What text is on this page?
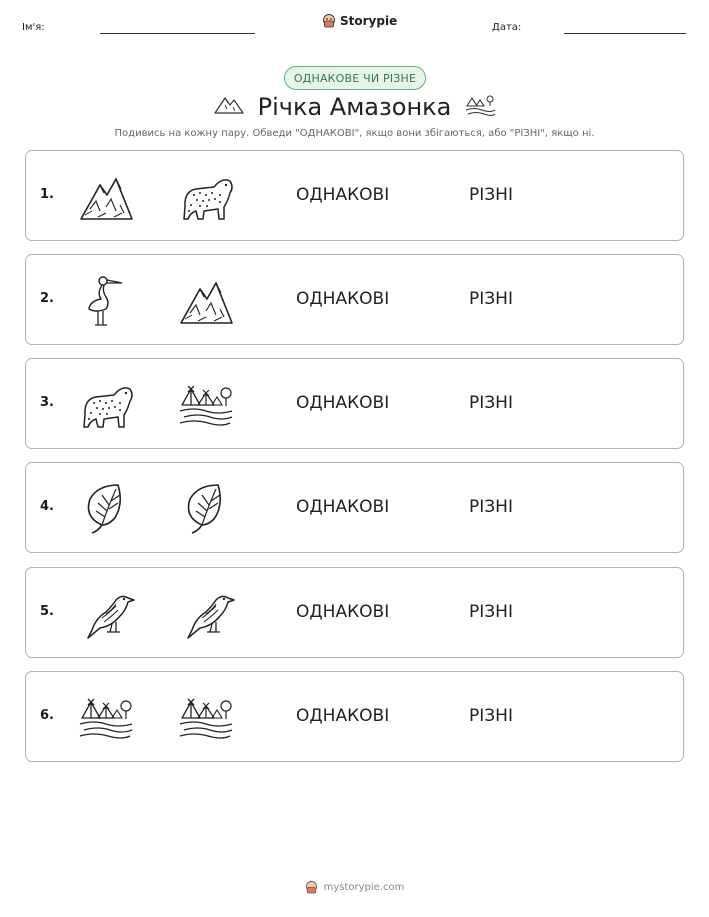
Ім'я:	Storypie	Дата:
ОДНАКОВЕ ЧИ РІЗНЕ
Річка Амазонка
Подивись на кожну пару. Обведи "ОДНАКОВІ", якщо вони збігаються, або "РІЗНІ", якщо ні.
1.	ОДНАКОВІ	РІЗНІ
2.	ОДНАКОВІ	РІЗНІ
3.	ОДНАКОВІ	РІЗНІ
4.	ОДНАКОВІ	РІЗНІ
5.	ОДНАКОВІ	РІЗНІ
6.	ОДНАКОВІ	РІЗНІ
mystorypie.com
